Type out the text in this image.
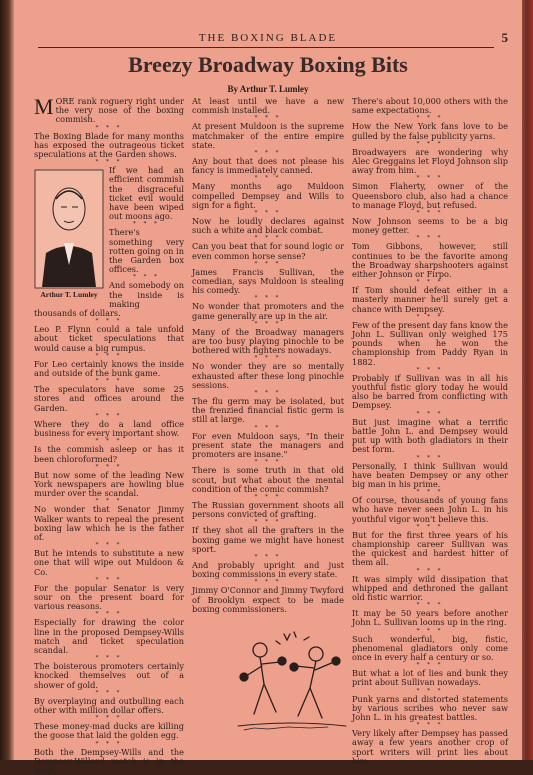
THE BOXING BLADE	5
Breezy Broadway Boxing Bits
By Arthur T. Lumley

MORE rank roguery right under the very nose of the boxing commish.

* * *

The Boxing Blade for many months has exposed the outrageous ticket speculations at the Garden shows.

* * *
Arthur T. Lumley

If we had an efficient commish the disgraceful ticket evil would have been wiped out moons ago.

* * *

There's something very rotten going on in the Garden box offices.

* * *

And somebody on the inside is making thousands of dollars.

* * *

Leo P. Flynn could a tale unfold about ticket speculations that would cause a big rumpus.

* * *

For Leo certainly knows the inside and outside of the bunk game.

* * *

The speculators have some 25 stores and offices around the Garden.

* * *

Where they do a land office business for every important show.

* * *

Is the commish asleep or has it been chloroformed?

* * *

But now some of the leading New York newspapers are howling blue murder over the scandal.

* * *

No wonder that Senator Jimmy Walker wants to repeal the present boxing law which he is the father of.

* * *

But he intends to substitute a new one that will wipe out Muldoon & Co.

* * *

For the popular Senator is very sour on the present board for various reasons.

* * *

Especially for drawing the color line in the proposed Dempsey-Wills match and ticket speculation scandal.

* * *

The boisterous promoters certainly knocked themselves out of a shower of gold.

* * *

By overplaying and outbulling each other with million dollar offers.

* * *

These money-mad ducks are killing the goose that laid the golden egg.

* * *

Both the Dempsey-Wills and the Dempsey-Willard match is in the soup.

At least until we have a new commish installed.

* * *

At present Muldoon is the supreme matchmaker of the entire empire state.

* * *

Any bout that does not please his fancy is immediately canned.

* * *

Many months ago Muldoon compelled Dempsey and Wills to sign for a fight.

* * *

Now he loudly declares against such a white and black combat.

* * *

Can you beat that for sound logic or even common horse sense?

* * *

James Francis Sullivan, the comedian, says Muldoon is stealing his comedy.

* * *

No wonder that promoters and the game generally are up in the air.

* * *

Many of the Broadway managers are too busy playing pinochle to be bothered with fighters nowadays.

* * *

No wonder they are so mentally exhausted after these long pinochle sessions.

* * *

The flu germ may be isolated, but the frenzied financial fistic germ is still at large.

* * *

For even Muldoon says, "In their present state the managers and promoters are insane."

* * *

There is some truth in that old scout, but what about the mental condition of the comic commish?

* * *

The Russian government shoots all persons convicted of grafting.

* * *

If they shot all the grafters in the boxing game we might have honest sport.

* * *

And probably upright and just boxing commissions in every state.

* * *

Jimmy O'Connor and Jimmy Twyford of Brooklyn expect to be made boxing commissioners.

There's about 10,000 others with the same expectations.

* * *

How the New York fans love to be gulled by the false publicity yarns.

* * *

Broadwayers are wondering why Alec Greggains let Floyd Johnson slip away from him.

* * *

Simon Flaherty, owner of the Queensboro club, also had a chance to manage Floyd, but refused.

* * *

Now Johnson seems to be a big money getter.

* * *

Tom Gibbons, however, still continues to be the favorite among the Broadway sharpshooters against either Johnson or Firpo.

* * *

If Tom should defeat either in a masterly manner he'll surely get a chance with Dempsey.

* * *

Few of the present day fans know the John L. Sullivan only weighed 175 pounds when he won the championship from Paddy Ryan in 1882.

* * *

Probably if Sullivan was in all his youthful fistic glory today he would also be barred from conflicting with Dempsey.

* * *

But just imagine what a terrific battle John L. and Dempsey would put up with both gladiators in their best form.

* * *

Personally, I think Sullivan would have beaten Dempsey or any other big man in his prime.

* * *

Of course, thousands of young fans who have never seen John L. in his youthful vigor won't believe this.

* * *

But for the first three years of his championship career Sullivan was the quickest and hardest hitter of them all.

* * *

It was simply wild dissipation that whipped and dethroned the gallant old fistic warrior.

* * *

It may be 50 years before another John L. Sullivan looms up in the ring.

* * *

Such wonderful, big, fistic, phenomenal gladiators only come once in every half a century or so.

* * *

But what a lot of lies and bunk they print about Sullivan nowadays.

* * *

Punk yarns and distorted statements by various scribes who never saw John L. in his greatest battles.

* * *

Very likely after Dempsey has passed away a few years another crop of sport writers will print lies about him.
